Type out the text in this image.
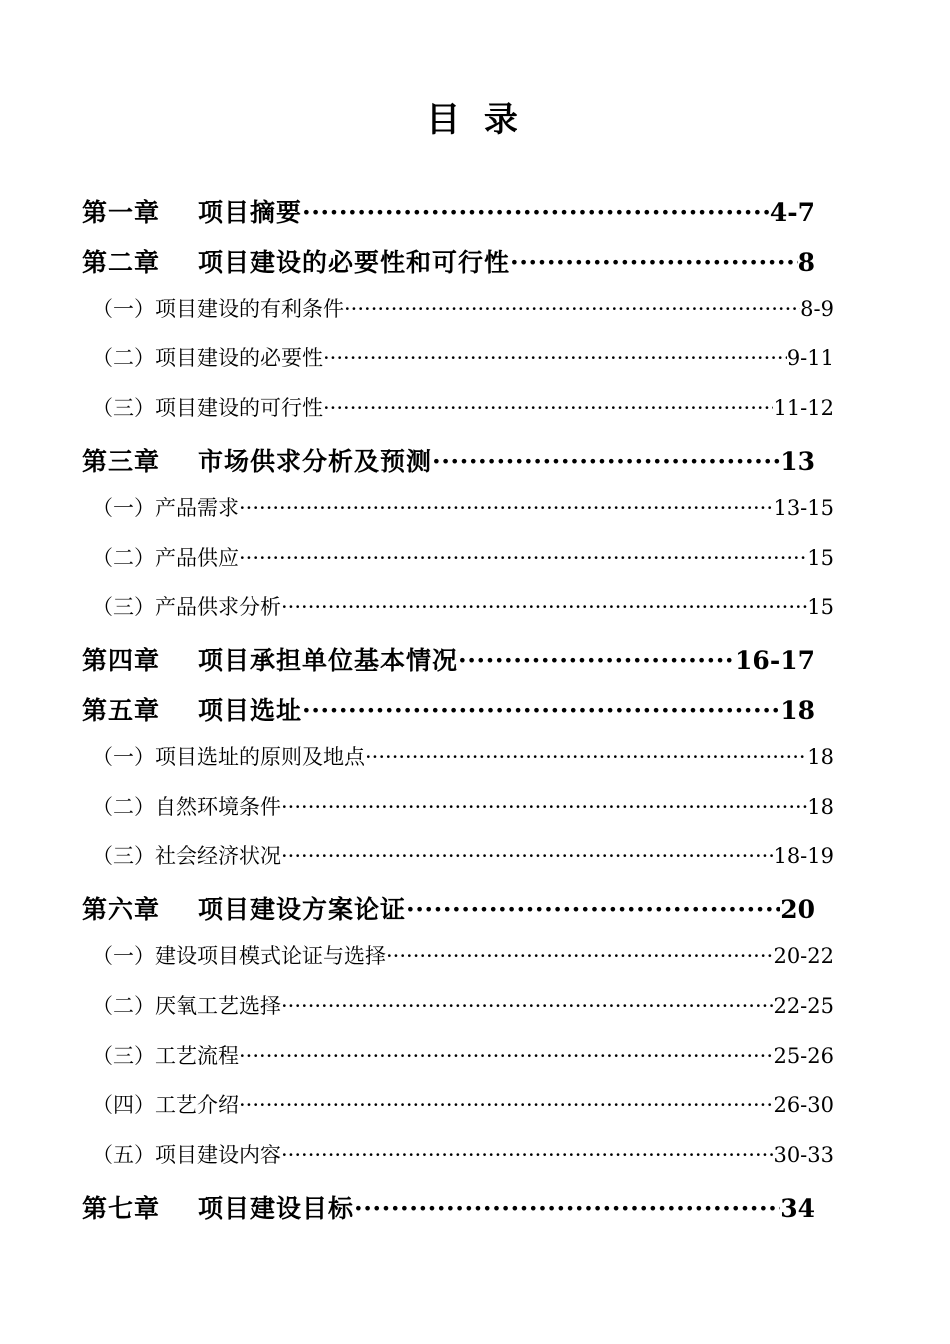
目 录
第一章 项目摘要 ·····	4-7
第二章 项目建设的必要性和可行性 ·····	8
（一）项目建设的有利条件 ·····	8-9
（二）项目建设的必要性 ·····	9-11
（三）项目建设的可行性 ·····	11-12
第三章 市场供求分析及预测 ·····	13
（一）产品需求 ·····	13-15
（二）产品供应 ·····	15
（三）产品供求分析 ·····	15
第四章 项目承担单位基本情况 ·····	16-17
第五章 项目选址 ·····	18
（一）项目选址的原则及地点 ·····	18
（二）自然环境条件 ·····	18
（三）社会经济状况 ·····	18-19
第六章 项目建设方案论证 ·····	20
（一）建设项目模式论证与选择 ·····	20-22
（二）厌氧工艺选择 ·····	22-25
（三）工艺流程 ·····	25-26
（四）工艺介绍 ·····	26-30
（五）项目建设内容 ·····	30-33
第七章 项目建设目标 ·····	34
